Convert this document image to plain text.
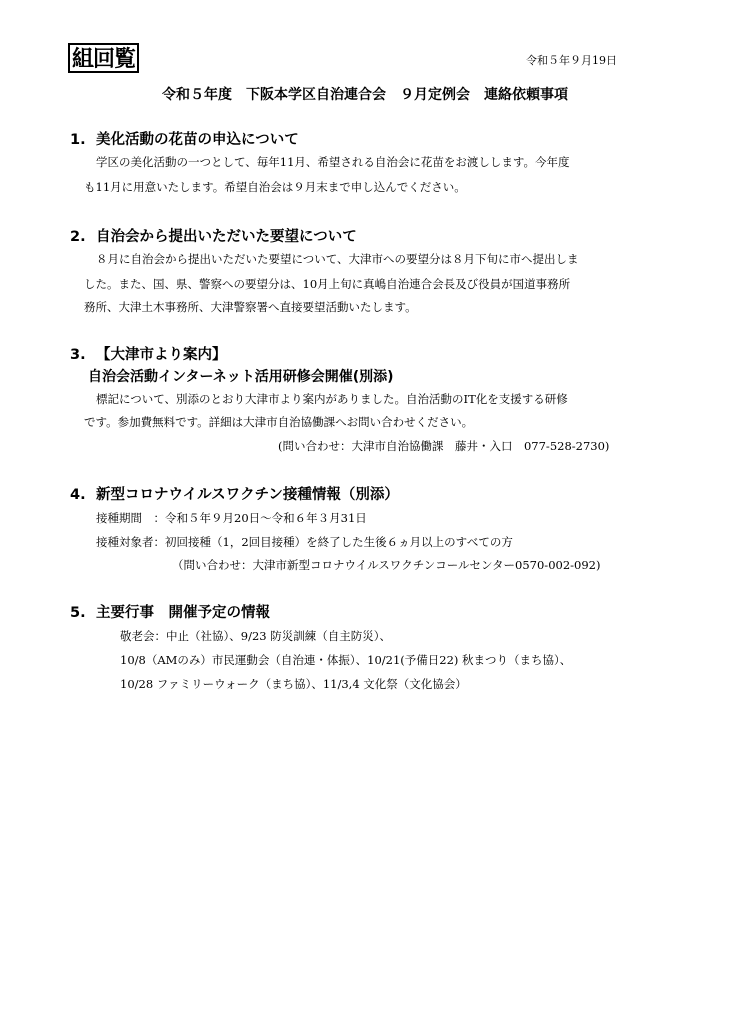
組回覧	令和５年９月19日
令和５年度　下阪本学区自治連合会　９月定例会　連絡依頼事項
1. 美化活動の花苗の申込について
学区の美化活動の一つとして、毎年11月、希望される自治会に花苗をお渡しします。今年度
も11月に用意いたします。希望自治会は９月末まで申し込んでください。
2. 自治会から提出いただいた要望について
８月に自治会から提出いただいた要望について、大津市への要望分は８月下旬に市へ提出しま
した。また、国、県、警察への要望分は、10月上旬に真嶋自治連合会長及び役員が国道事務所
務所、大津土木事務所、大津警察署へ直接要望活動いたします。
3. 【大津市より案内】
自治会活動インターネット活用研修会開催(別添)
標記について、別添のとおり大津市より案内がありました。自治活動のIT化を支援する研修
です。参加費無料です。詳細は大津市自治協働課へお問い合わせください。
(問い合わせ：大津市自治協働課　藤井・入口　077-528-2730)
4. 新型コロナウイルスワクチン接種情報（別添）
接種期間　：令和５年９月20日～令和６年３月31日
接種対象者：初回接種（1，2回目接種）を終了した生後６ヵ月以上のすべての方
（問い合わせ：大津市新型コロナウイルスワクチンコールセンター0570-002-092)
5. 主要行事　開催予定の情報
敬老会：中止（社協）、9/23 防災訓練（自主防災）、
10/8（AMのみ）市民運動会（自治連・体振）、10/21(予備日22) 秋まつり（まち協）、
10/28 ファミリーウォーク（まち協）、11/3,4 文化祭（文化協会）
